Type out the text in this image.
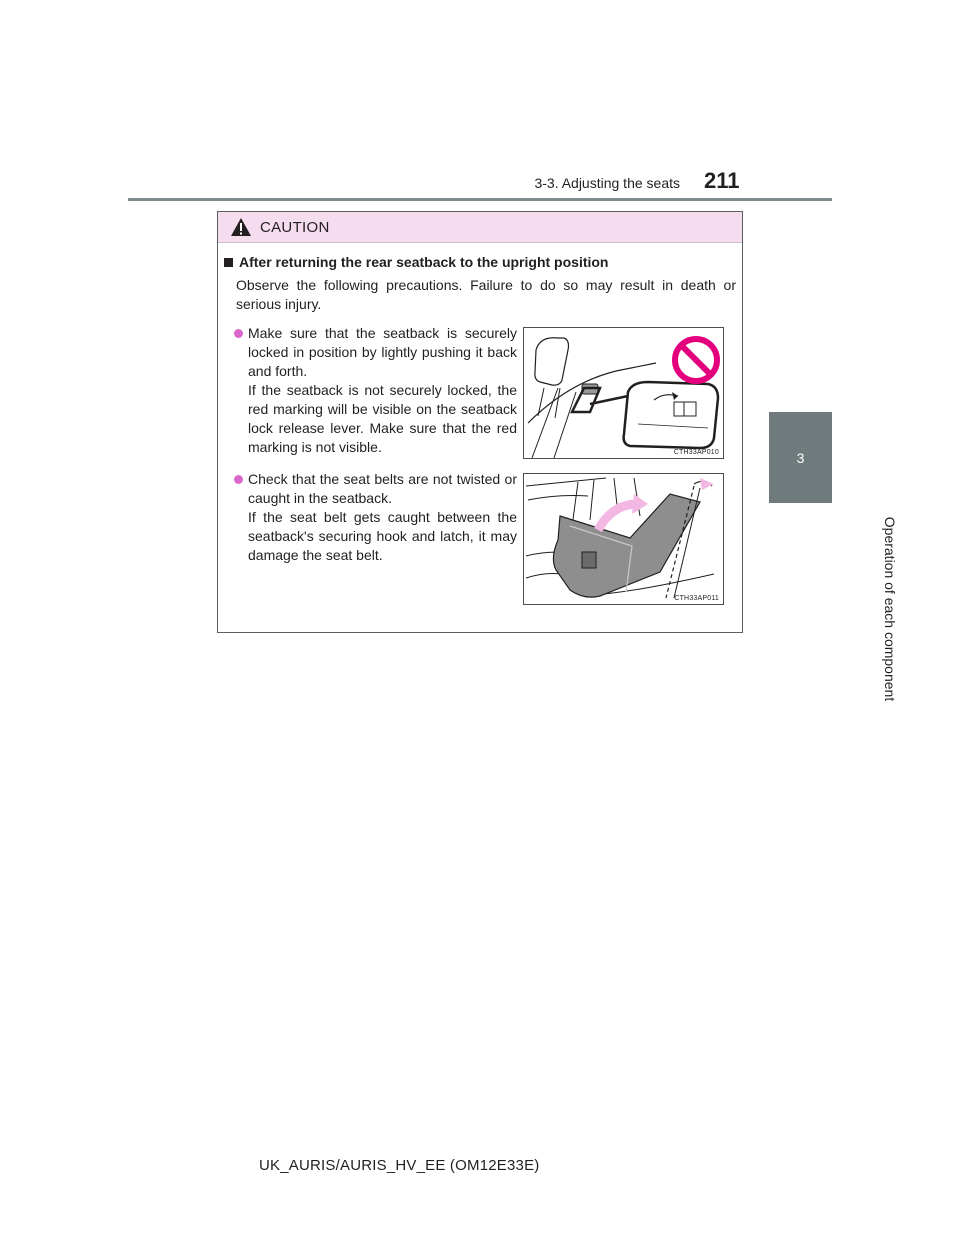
3-3. Adjusting the seats 211
3
Operation of each component
CAUTION
After returning the rear seatback to the upright position
Observe the following precautions. Failure to do so may result in death or serious injury.

Make sure that the seatback is securely locked in position by lightly pushing it back and forth.

If the seatback is not securely locked, the red marking will be visible on the seatback lock release lever. Make sure that the red marking is not visible.	CTH33AP010

Check that the seat belts are not twisted or caught in the seatback.

If the seat belt gets caught between the seatback's securing hook and latch, it may damage the seat belt.

CTH33AP011
UK_AURIS/AURIS_HV_EE (OM12E33E)
